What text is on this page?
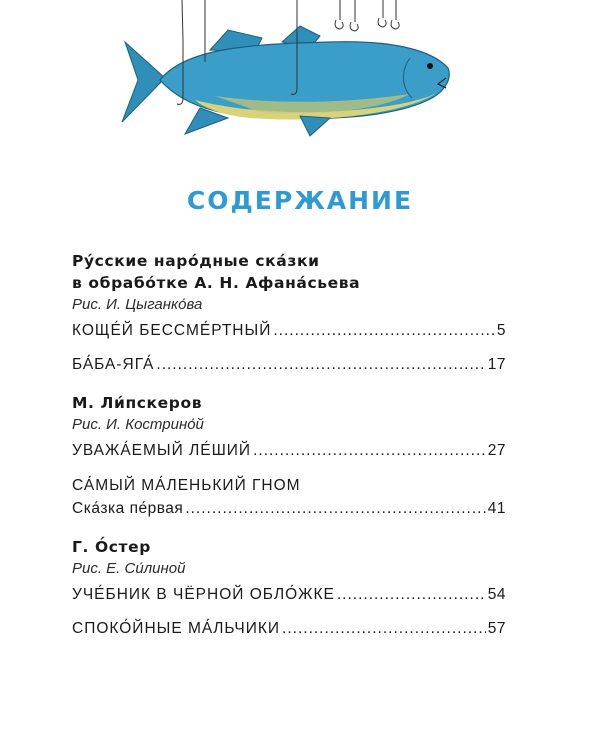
СОДЕРЖАНИЕ
Ру́сские наро́дные ска́зки
в обрабо́тке А. Н. Афана́сьева
Рис. И. Цыганко́ва
КОЩЕ́Й БЕССМЕ́РТНЫЙ .....	5
БА́БА-ЯГА́ .....	17
М. Ли́пскеров
Рис. И. Кострино́й
УВАЖА́ЕМЫЙ ЛЕ́ШИЙ .....	27
СА́МЫЙ МА́ЛЕНЬКИЙ ГНОМ
Ска́зка пе́рвая .....	41
Г. О́стер
Рис. Е. Си́линой
УЧЕ́БНИК В ЧЁРНОЙ ОБЛО́ЖКЕ .....	54
СПОКО́ЙНЫЕ МА́ЛЬЧИКИ .....	57
